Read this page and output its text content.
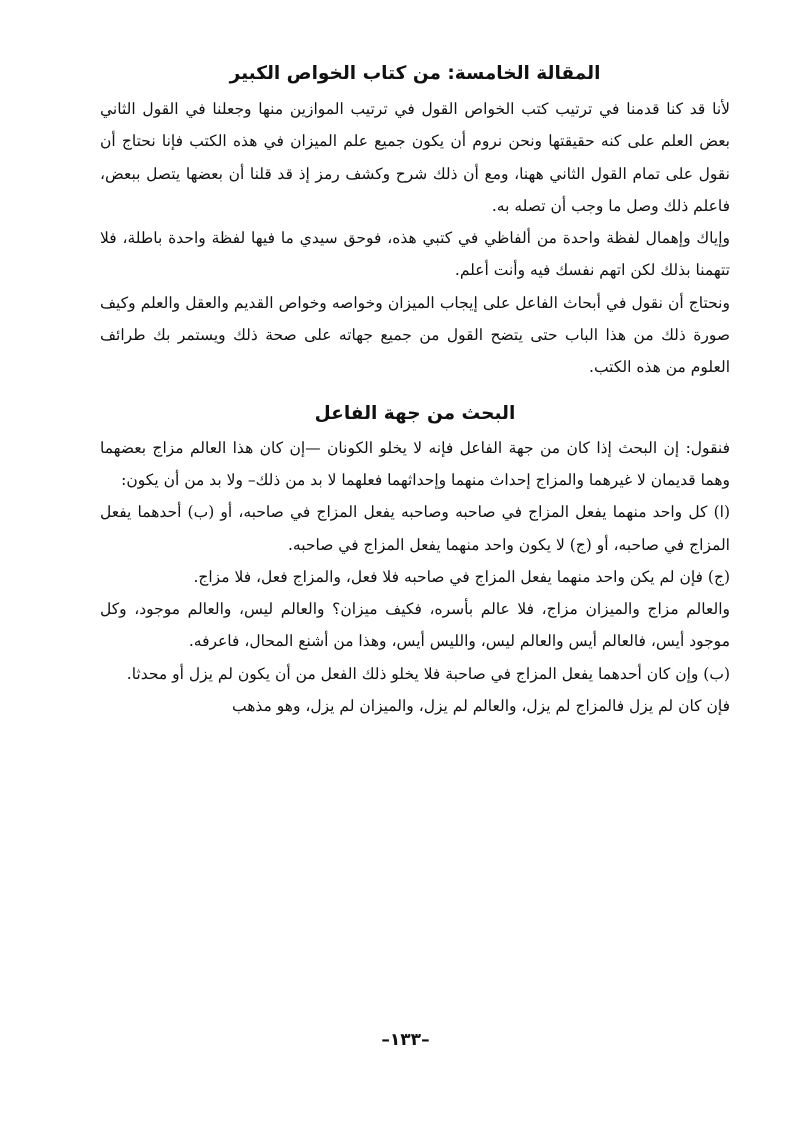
المقالة الخامسة: من كتاب الخواص الكبير

لأنا قد كنا قدمنا في ترتيب كتب الخواص القول في ترتيب الموازين منها وجعلنا في القول الثاني بعض العلم على كنه حقيقتها ونحن نروم أن يكون جميع علم الميزان في هذه الكتب فإنا نحتاج أن نقول على تمام القول الثاني ههنا، ومع أن ذلك شرح وكشف رمز إذ قد قلنا أن بعضها يتصل ببعض، فاعلم ذلك وصل ما وجب أن تصله به.

وإياك وإهمال لفظة واحدة من ألفاظي في كتبي هذه، فوحق سيدي ما فيها لفظة واحدة باطلة، فلا تتهمنا بذلك لكن اتهم نفسك فيه وأنت أعلم.

ونحتاج أن نقول في أبحاث الفاعل على إيجاب الميزان وخواصه وخواص القديم والعقل والعلم وكيف صورة ذلك من هذا الباب حتى يتضح القول من جميع جهاته على صحة ذلك ويستمر بك طرائف العلوم من هذه الكتب.

البحث من جهة الفاعل

فنقول: إن البحث إذا كان من جهة الفاعل فإنه لا يخلو الكونان —إن كان هذا العالم مزاج بعضهما وهما قديمان لا غيرهما والمزاج إحداث منهما وإحداثهما فعلهما لا بد من ذلك– ولا بد من أن يكون:

(ا) كل واحد منهما يفعل المزاج في صاحبه وصاحبه يفعل المزاج في صاحبه، أو (ب) أحدهما يفعل المزاج في صاحبه، أو (ج) لا يكون واحد منهما يفعل المزاج في صاحبه.

(ج) فإن لم يكن واحد منهما يفعل المزاج في صاحبه فلا فعل، والمزاج فعل، فلا مزاج.

والعالم مزاج والميزان مزاج، فلا عالم بأسره، فكيف ميزان؟ والعالم ليس، والعالم موجود، وكل موجود أيس، فالعالم أيس والعالم ليس، والليس أيس، وهذا من أشنع المحال، فاعرفه.

(ب) وإن كان أحدهما يفعل المزاج في صاحبة فلا يخلو ذلك الفعل من أن يكون لم يزل أو محدثا.

فإن كان لم يزل فالمزاج لم يزل، والعالم لم يزل، والميزان لم يزل، وهو مذهب

–١٣٣–
